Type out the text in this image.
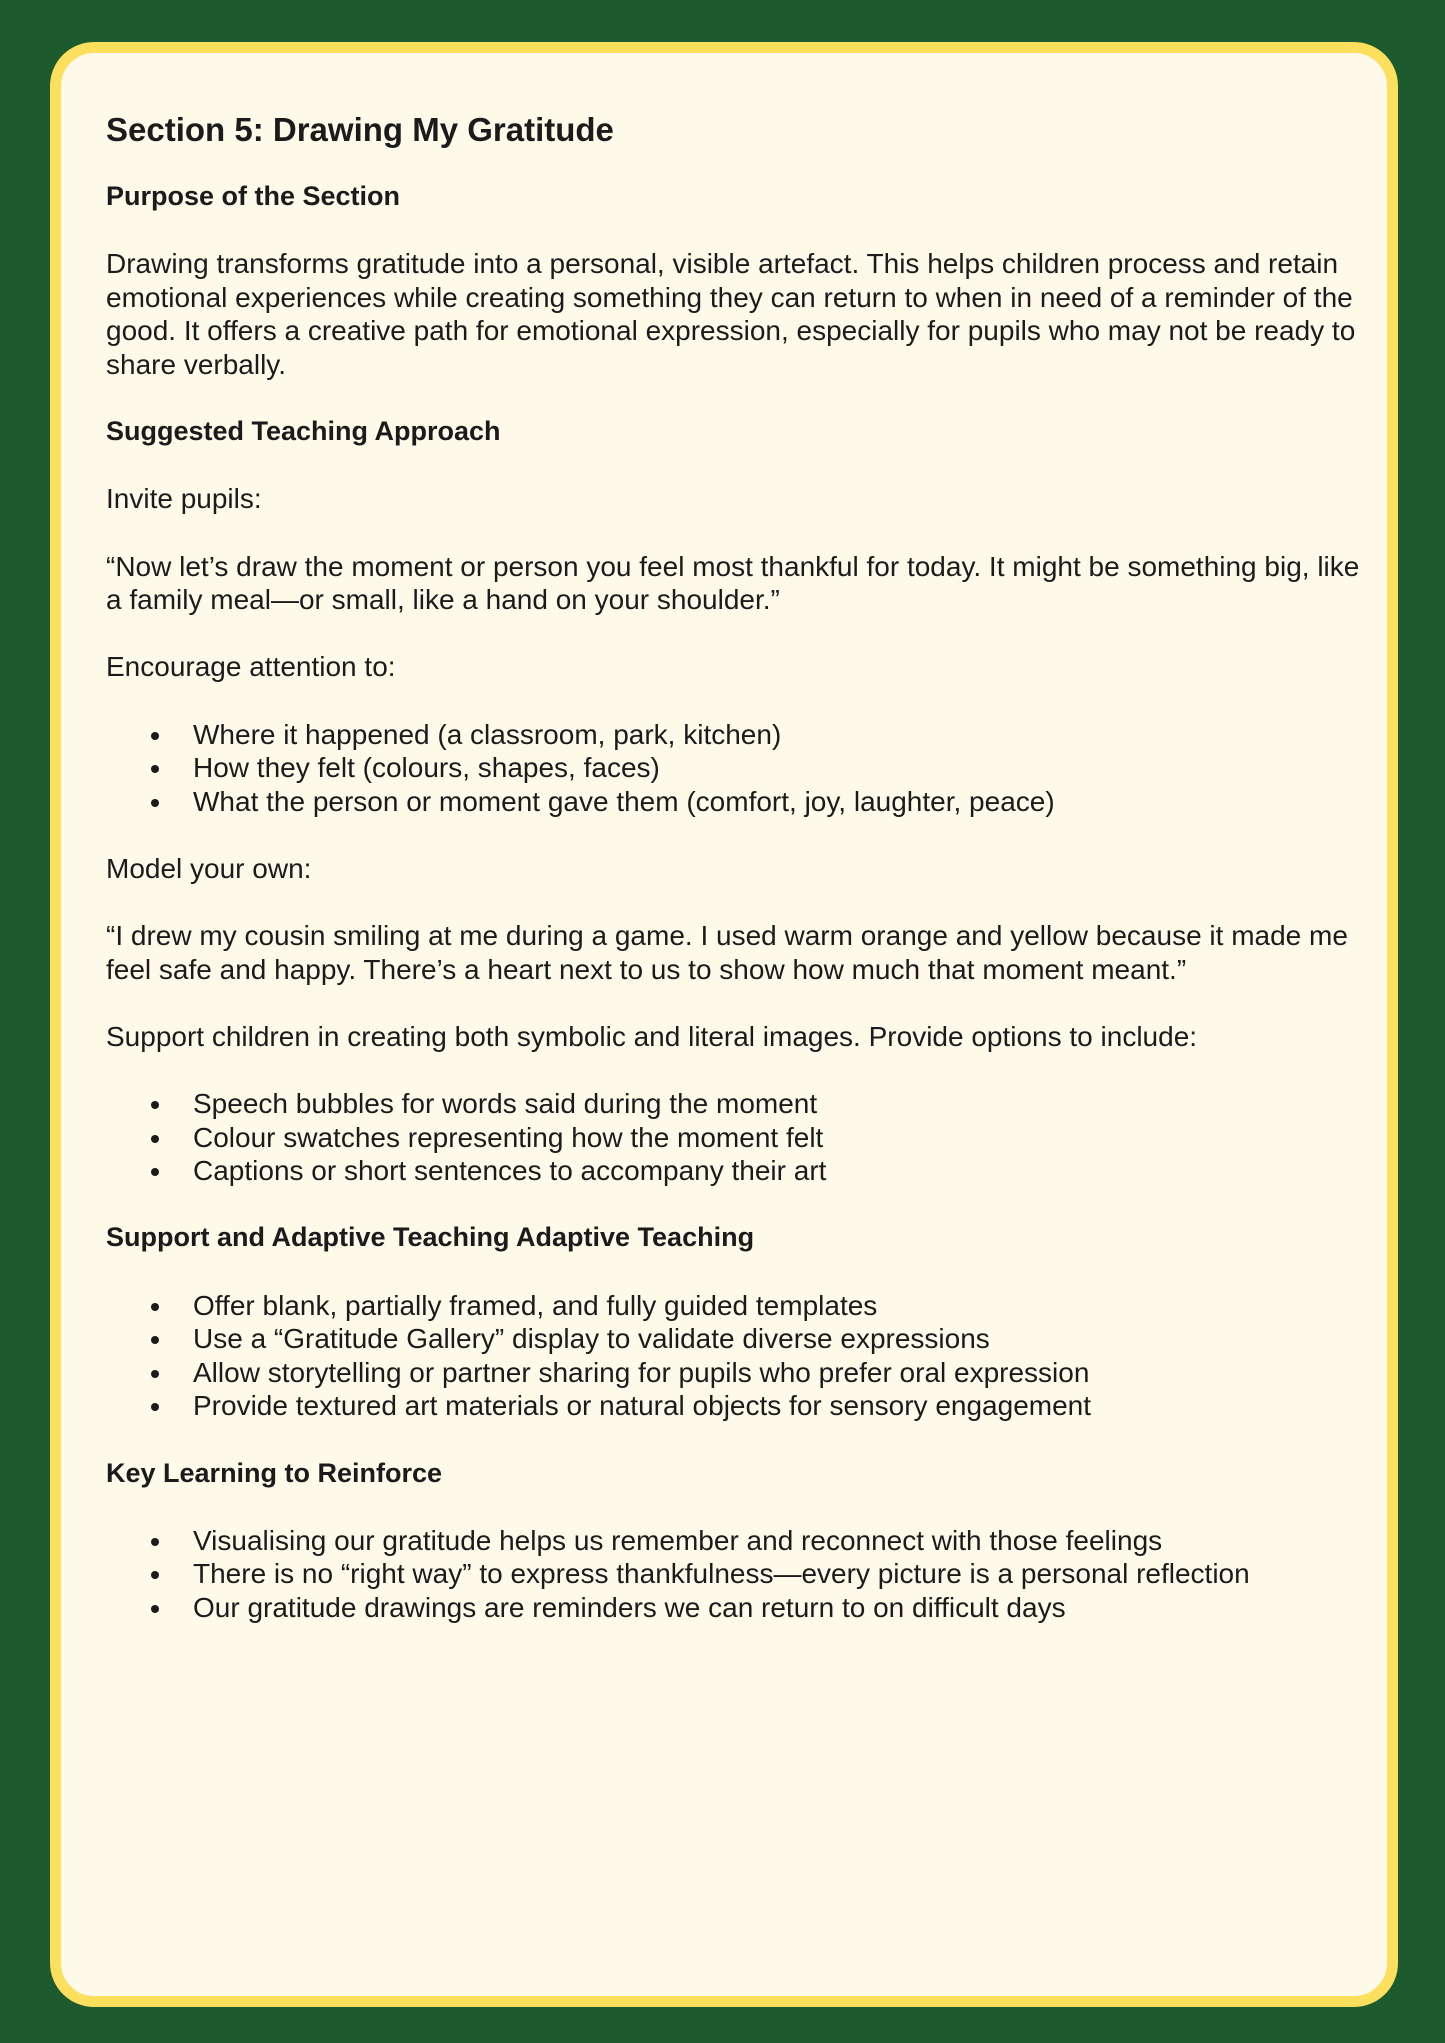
Section 5: Drawing My Gratitude
Purpose of the Section

Drawing transforms gratitude into a personal, visible artefact. This helps children process and retain emotional experiences while creating something they can return to when in need of a reminder of the good. It offers a creative path for emotional expression, especially for pupils who may not be ready to share verbally.

Suggested Teaching Approach

Invite pupils:

“Now let’s draw the moment or person you feel most thankful for today. It might be something big, like a family meal—or small, like a hand on your shoulder.”

Encourage attention to:

Where it happened (a classroom, park, kitchen)
How they felt (colours, shapes, faces)
What the person or moment gave them (comfort, joy, laughter, peace)

Model your own:

“I drew my cousin smiling at me during a game. I used warm orange and yellow because it made me feel safe and happy. There’s a heart next to us to show how much that moment meant.”

Support children in creating both symbolic and literal images. Provide options to include:

Speech bubbles for words said during the moment
Colour swatches representing how the moment felt
Captions or short sentences to accompany their art
Support and Adaptive Teaching Adaptive Teaching
Offer blank, partially framed, and fully guided templates
Use a “Gratitude Gallery” display to validate diverse expressions
Allow storytelling or partner sharing for pupils who prefer oral expression
Provide textured art materials or natural objects for sensory engagement
Key Learning to Reinforce
Visualising our gratitude helps us remember and reconnect with those feelings
There is no “right way” to express thankfulness—every picture is a personal reflection
Our gratitude drawings are reminders we can return to on difficult days
